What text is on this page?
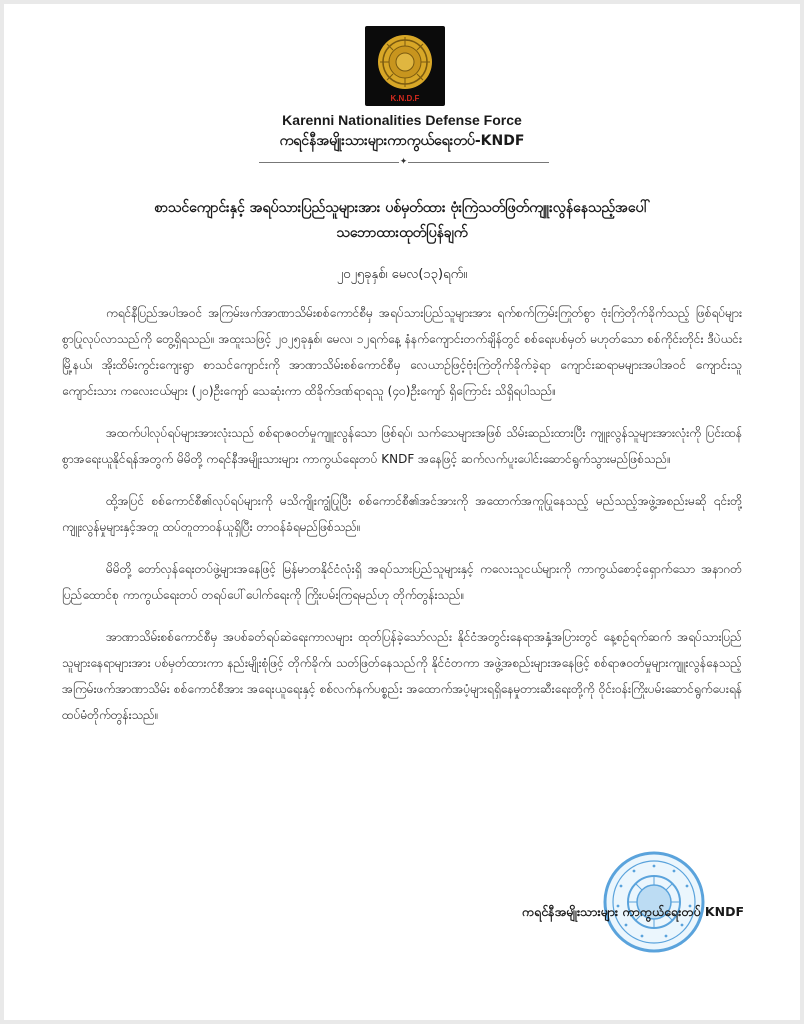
K.N.D.F
Karenni Nationalities Defense Force
ကရင်နီအမျိုးသားများကာကွယ်ရေးတပ်-KNDF
✦
စာသင်ကျောင်းနှင့် အရပ်သားပြည်သူများအား ပစ်မှတ်ထား ဗုံးကြဲသတ်ဖြတ်ကျူးလွန်နေသည့်အပေါ်
သဘောထားထုတ်ပြန်ချက်
၂၀၂၅ခုနှစ်၊ မေလ(၁၃)ရက်။

ကရင်နီပြည်အပါအဝင် အကြမ်းဖက်အာဏာသိမ်းစစ်ကောင်စီမှ အရပ်သားပြည်သူများအား ရက်စက်ကြမ်းကြုတ်စွာ ဗုံးကြဲတိုက်ခိုက်သည့် ဖြစ်ရပ်များစွာပြုလုပ်လာသည်ကို တွေ့ရှိရသည်။ အထူးသဖြင့် ၂၀၂၅ခုနှစ်၊ မေလ၊ ၁၂ရက်နေ့ နံနက်ကျောင်းတက်ချိန်တွင် စစ်ရေးပစ်မှတ် မဟုတ်သော စစ်ကိုင်းတိုင်း ဒီပဲယင်းမြို့နယ်၊ အိုးထိမ်းကွင်းကျေးရွာ စာသင်ကျောင်းကို အာဏာသိမ်းစစ်ကောင်စီမှ လေယာဉ်ဖြင့်ဗုံးကြဲတိုက်ခိုက်ခဲ့ရာ ကျောင်းဆရာမများအပါအဝင် ကျောင်းသူကျောင်းသား ကလေးငယ်များ (၂၀)ဦးကျော် သေဆုံးကာ ထိခိုက်ဒဏ်ရာရသူ (၄၀)ဦးကျော် ရှိကြောင်း သိရှိရပါသည်။

အထက်ပါလုပ်ရပ်များအားလုံးသည် စစ်ရာဇဝတ်မှုကျူးလွန်သော ဖြစ်ရပ်၊ သက်သေများအဖြစ် သိမ်းဆည်းထားပြီး ကျူးလွန်သူများအားလုံးကို ပြင်းထန်စွာအရေးယူနိုင်ရန်အတွက် မိမိတို့ ကရင်နီအမျိုးသားများ ကာကွယ်ရေးတပ် KNDF အနေဖြင့် ဆက်လက်ပူးပေါင်းဆောင်ရွက်သွားမည်ဖြစ်သည်။

ထို့အပြင် စစ်ကောင်စီ၏လုပ်ရပ်များကို မသိကျိုးကျွံပြုပြီး စစ်ကောင်စီ၏အင်အားကို အထောက်အကူပြုနေသည့် မည်သည့်အဖွဲ့အစည်းမဆို ၎င်းတို့ကျူးလွန်မှုများနှင့်အတူ ထပ်တူတာဝန်ယူရှိပြီး တာဝန်ခံရမည်ဖြစ်သည်။

မိမိတို့ တော်လှန်ရေးတပ်ဖွဲ့များအနေဖြင့် မြန်မာတနိုင်ငံလုံးရှိ အရပ်သားပြည်သူများနှင့် ကလေးသူငယ်များကို ကာကွယ်စောင့်ရှောက်သော အနာဂတ်ပြည်ထောင်စု ကာကွယ်ရေးတပ် တရပ်ပေါ်ပေါက်ရေးကို ကြိုးပမ်းကြရမည်ဟု တိုက်တွန်းသည်။

အာဏာသိမ်းစစ်ကောင်စီမှ အပစ်ခတ်ရပ်ဆဲရေးကာလများ ထုတ်ပြန်ခဲ့သော်လည်း နိုင်ငံအတွင်းနေရာအနှံ့အပြားတွင် နေ့စဉ်ရက်ဆက် အရပ်သားပြည်သူများနေရာများအား ပစ်မှတ်ထားကာ နည်းမျိုးစုံဖြင့် တိုက်ခိုက်၊ သတ်ဖြတ်နေသည်ကို နိုင်ငံတကာ အဖွဲ့အစည်းများအနေဖြင့် စစ်ရာဇဝတ်မှုများကျူးလွန်နေသည့် အကြမ်းဖက်အာဏာသိမ်း စစ်ကောင်စီအား အရေးယူရေးနှင့် စစ်လက်နက်ပစ္စည်း အထောက်အပံ့များရရှိနေမှုတားဆီးရေးတို့ကို ဝိုင်းဝန်းကြိုးပမ်းဆောင်ရွက်ပေးရန် ထပ်မံတိုက်တွန်းသည်။

ကရင်နီအမျိုးသားများ ကာကွယ်ရေးတပ် KNDF
